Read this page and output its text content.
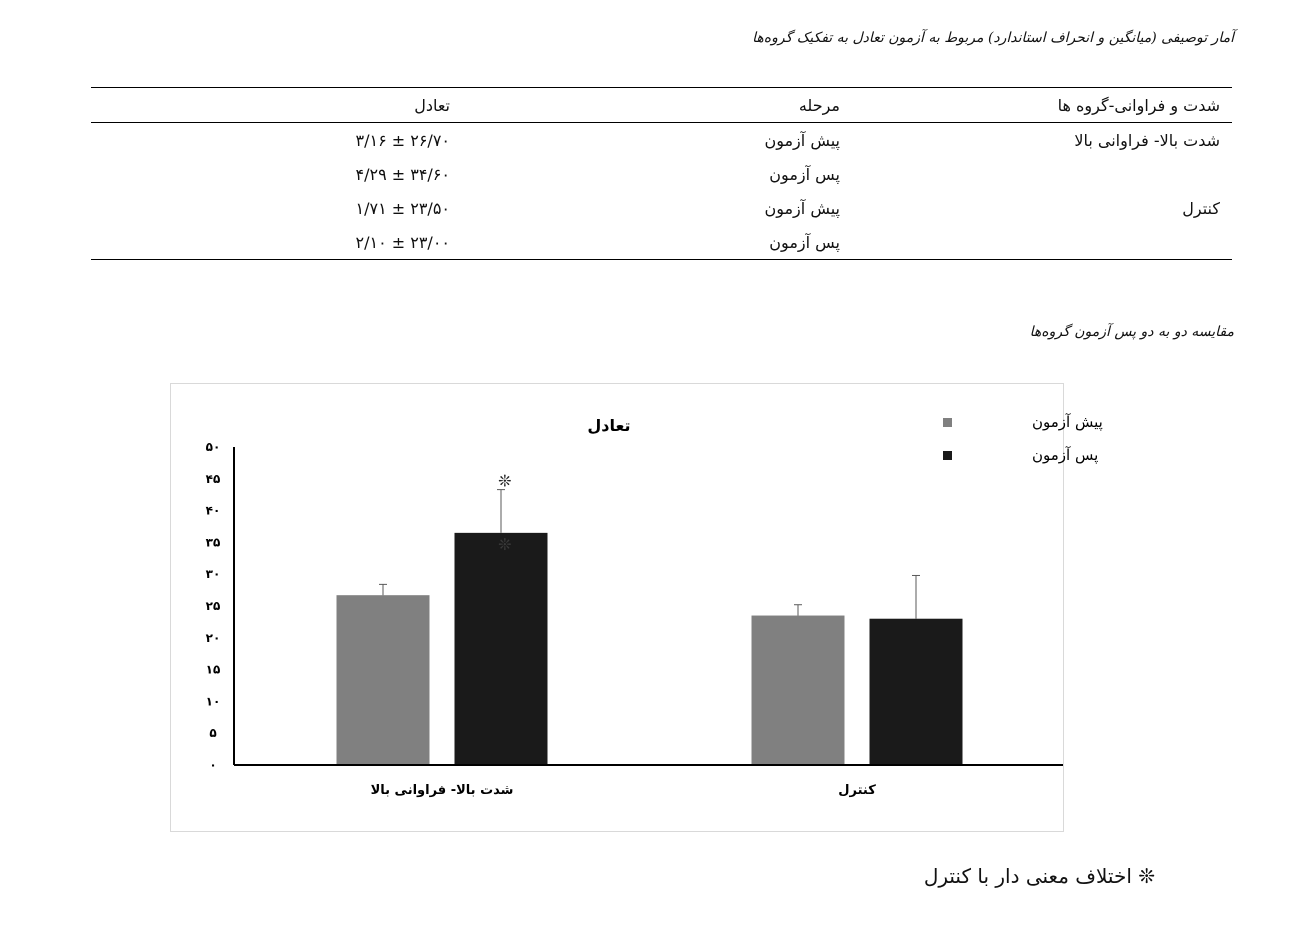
آمار توصیفی (میانگین و انحراف استاندارد) مربوط به آزمون تعادل به تفکیک گروه‌ها
شدت و فراوانی-گروه ها	مرحله	تعادل
شدت بالا- فراوانی بالا	پیش آزمون	۲۶/۷۰ ± ۳/۱۶
	پس آزمون	۳۴/۶۰ ± ۴/۲۹
کنترل	پیش آزمون	۲۳/۵۰ ± ۱/۷۱
	پس آزمون	۲۳/۰۰ ± ۲/۱۰
مقایسه دو به دو پس آزمون گروه‌ها
تعادل
۰
۵
۱۰
۱۵
۲۰
۲۵
۳۰
۳۵
۴۰
۴۵
۵۰
شدت بالا- فراوانی بالا	کنترل
❊
❊
پیش آزمون
پس آزمون
❊ اختلاف معنی دار با کنترل
